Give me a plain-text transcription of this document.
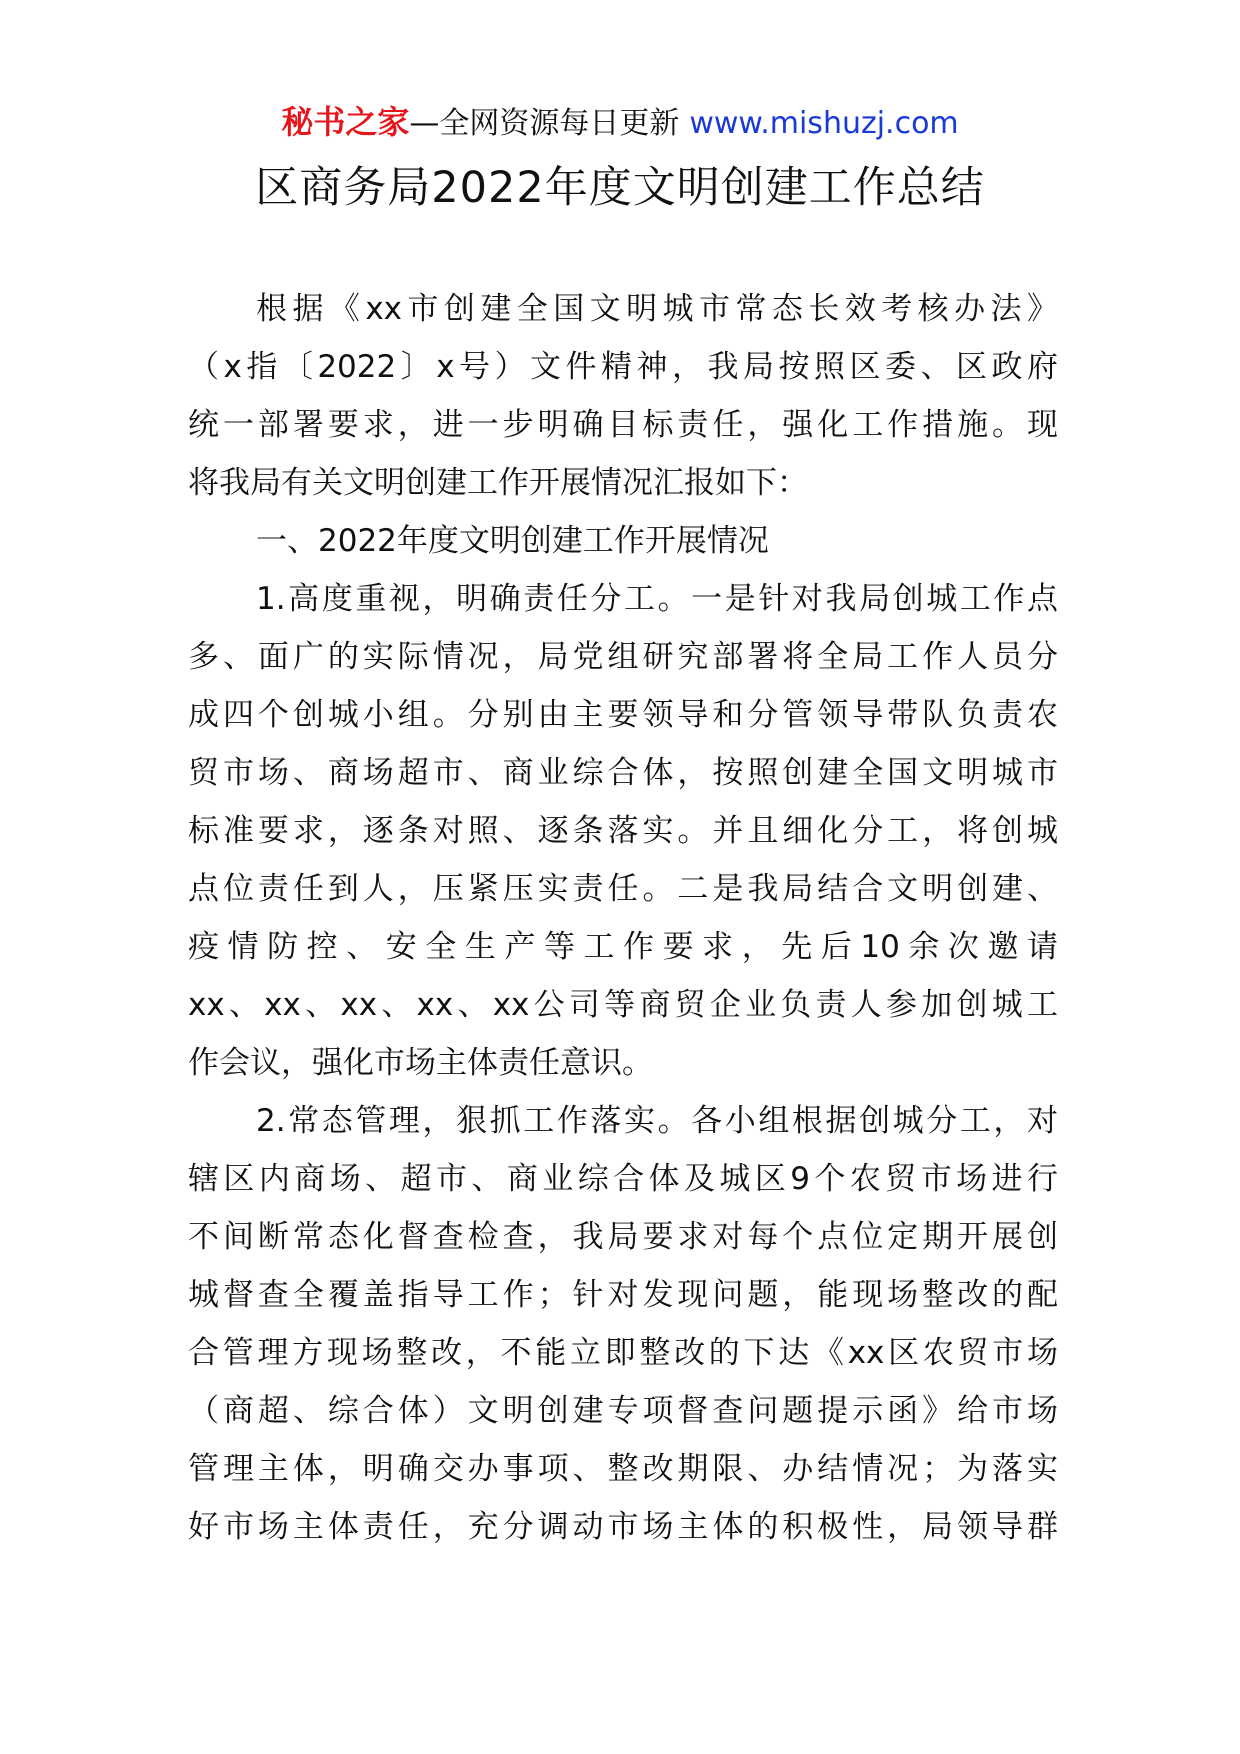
秘书之家—全网资源每日更新 www.mishuzj.com
区商务局2022年度文明创建工作总结
根据《xx市创建全国文明城市常态长效考核办法》
（x指〔2022〕x号）文件精神，我局按照区委、区政府
统一部署要求，进一步明确目标责任，强化工作措施。现
将我局有关文明创建工作开展情况汇报如下：
一、2022年度文明创建工作开展情况
1.高度重视，明确责任分工。一是针对我局创城工作点
多、面广的实际情况，局党组研究部署将全局工作人员分
成四个创城小组。分别由主要领导和分管领导带队负责农
贸市场、商场超市、商业综合体，按照创建全国文明城市
标准要求，逐条对照、逐条落实。并且细化分工，将创城
点位责任到人，压紧压实责任。二是我局结合文明创建、
疫情防控、安全生产等工作要求，先后10余次邀请
xx、xx、xx、xx、xx公司等商贸企业负责人参加创城工
作会议，强化市场主体责任意识。
2.常态管理，狠抓工作落实。各小组根据创城分工，对
辖区内商场、超市、商业综合体及城区9个农贸市场进行
不间断常态化督查检查，我局要求对每个点位定期开展创
城督查全覆盖指导工作；针对发现问题，能现场整改的配
合管理方现场整改，不能立即整改的下达《xx区农贸市场
（商超、综合体）文明创建专项督查问题提示函》给市场
管理主体，明确交办事项、整改期限、办结情况；为落实
好市场主体责任，充分调动市场主体的积极性，局领导群
